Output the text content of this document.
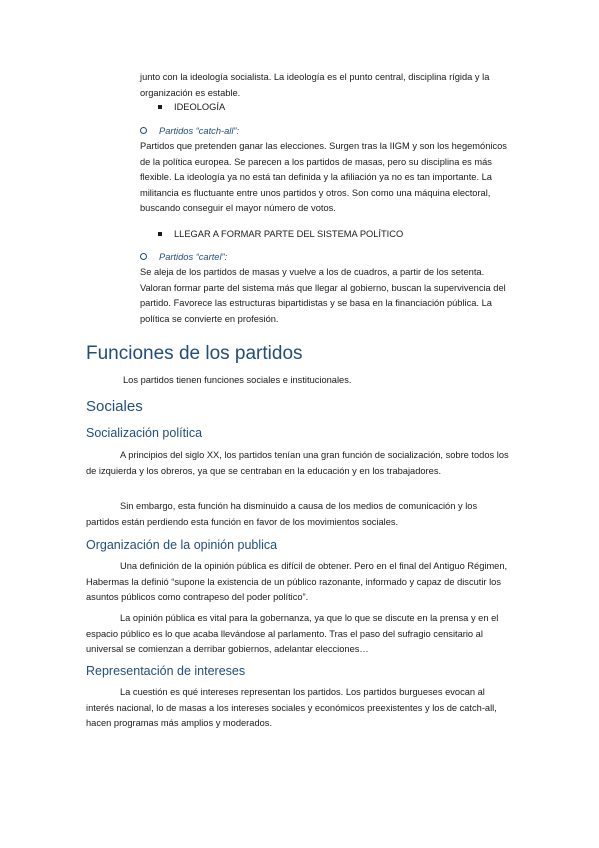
junto con la ideología socialista. La ideología es el punto central, disciplina rígida y la organización es estable.

IDEOLOGÍA
Partidos “catch-all”:

Partidos que pretenden ganar las elecciones. Surgen tras la IIGM y son los hegemónicos de la política europea. Se parecen a los partidos de masas, pero su disciplina es más flexible. La ideología ya no está tan definida y la afiliación ya no es tan importante. La militancia es fluctuante entre unos partidos y otros. Son como una máquina electoral, buscando conseguir el mayor número de votos.

LLEGAR A FORMAR PARTE DEL SISTEMA POLÍTICO
Partidos “cartel”:

Se aleja de los partidos de masas y vuelve a los de cuadros, a partir de los setenta. Valoran formar parte del sistema más que llegar al gobierno, buscan la supervivencia del partido. Favorece las estructuras bipartidistas y se basa en la financiación pública. La política se convierte en profesión.

Funciones de los partidos

Los partidos tienen funciones sociales e institucionales.

Sociales
Socialización política

A principios del siglo XX, los partidos tenían una gran función de socialización, sobre todos los de izquierda y los obreros, ya que se centraban en la educación y en los trabajadores.

Sin embargo, esta función ha disminuido a causa de los medios de comunicación y los partidos están perdiendo esta función en favor de los movimientos sociales.

Organización de la opinión publica

Una definición de la opinión pública es difícil de obtener. Pero en el final del Antiguo Régimen, Habermas la definió “supone la existencia de un público razonante, informado y capaz de discutir los asuntos públicos como contrapeso del poder político”.

La opinión pública es vital para la gobernanza, ya que lo que se discute en la prensa y en el espacio público es lo que acaba llevándose al parlamento. Tras el paso del sufragio censitario al universal se comienzan a derribar gobiernos, adelantar elecciones…

Representación de intereses

La cuestión es qué intereses representan los partidos. Los partidos burgueses evocan al interés nacional, lo de masas a los intereses sociales y económicos preexistentes y los de catch-all, hacen programas más amplios y moderados.
